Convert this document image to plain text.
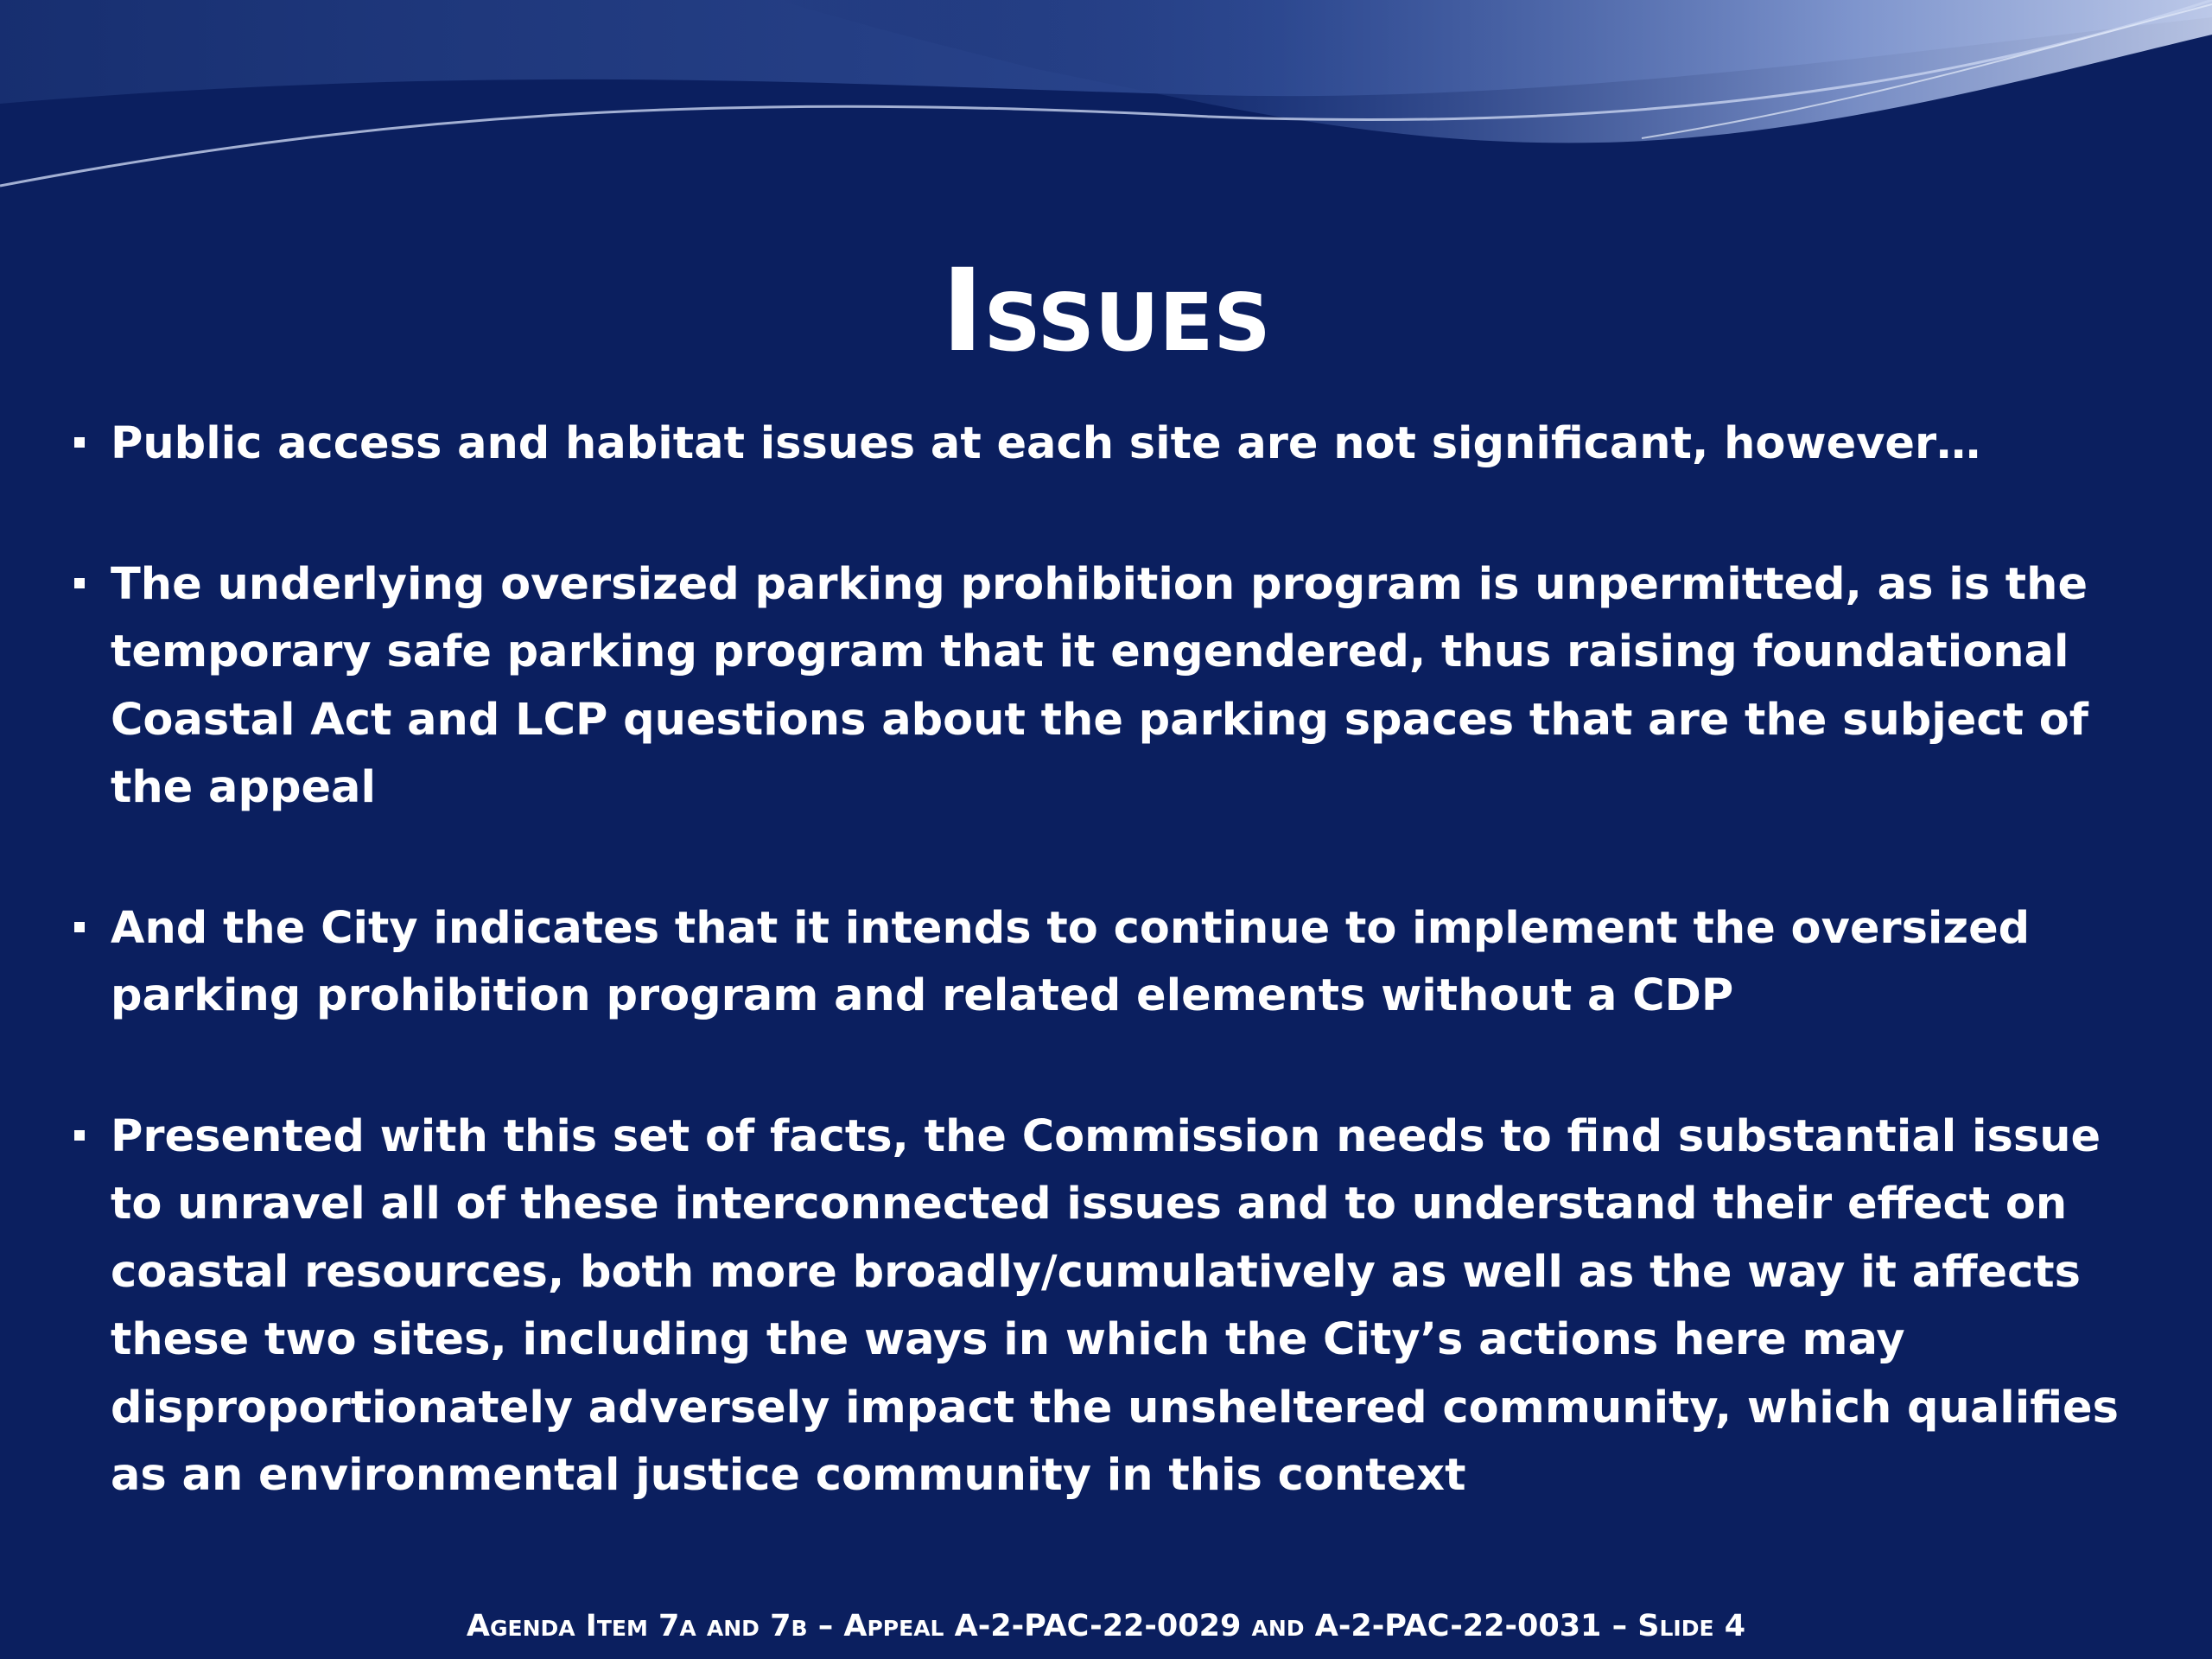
Issues
Public access and habitat issues at each site are not significant, however…
The underlying oversized parking prohibition program is unpermitted, as is the temporary safe parking program that it engendered, thus raising foundational Coastal Act and LCP questions about the parking spaces that are the subject of the appeal
And the City indicates that it intends to continue to implement the oversized parking prohibition program and related elements without a CDP
Presented with this set of facts, the Commission needs to find substantial issue to unravel all of these interconnected issues and to understand their effect on coastal resources, both more broadly/cumulatively as well as the way it affects these two sites, including the ways in which the City’s actions here may disproportionately adversely impact the unsheltered community, which qualifies as an environmental justice community in this context
Agenda Item 7a and 7b – Appeal A-2-PAC-22-0029 and A-2-PAC-22-0031 – Slide 4
